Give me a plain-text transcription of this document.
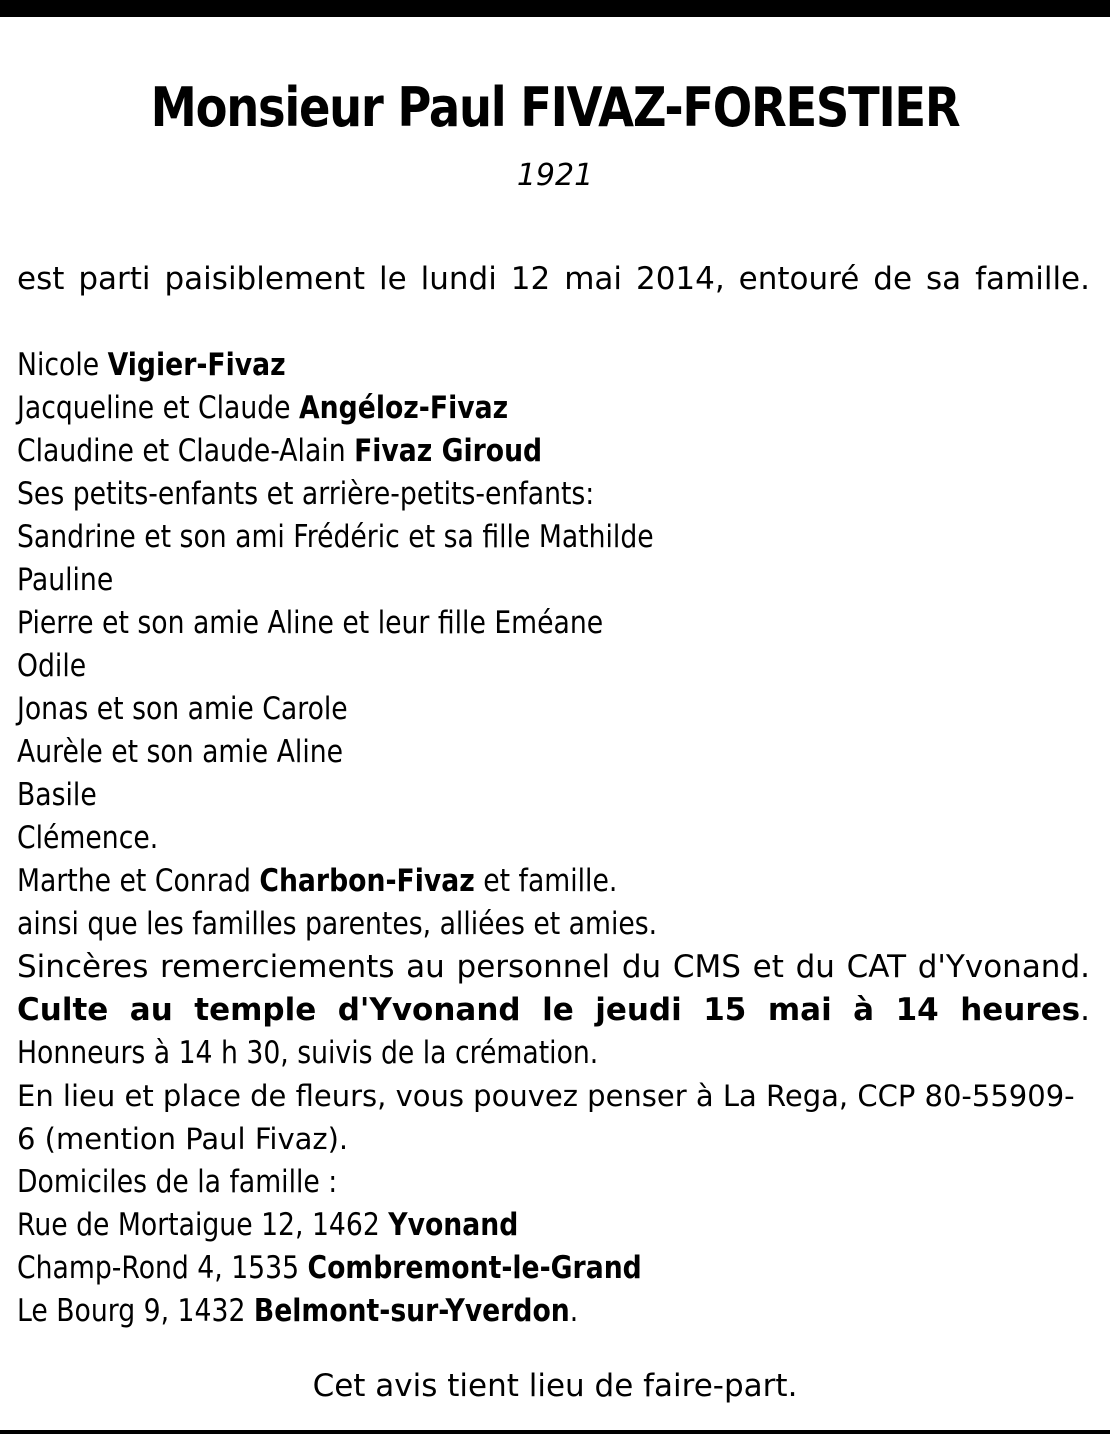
Monsieur Paul FIVAZ-FORESTIER
1921
est parti paisiblement le lundi 12 mai 2014, entouré de sa famille.
Nicole Vigier-Fivaz
Jacqueline et Claude Angéloz-Fivaz
Claudine et Claude-Alain Fivaz Giroud
Ses petits-enfants et arrière-petits-enfants:
Sandrine et son ami Frédéric et sa fille Mathilde
Pauline
Pierre et son amie Aline et leur fille Eméane
Odile
Jonas et son amie Carole
Aurèle et son amie Aline
Basile
Clémence.
Marthe et Conrad Charbon-Fivaz et famille.
ainsi que les familles parentes, alliées et amies.
Sincères remerciements au personnel du CMS et du CAT d'Yvonand.
Culte au temple d'Yvonand le jeudi 15 mai à 14 heures.
Honneurs à 14 h 30, suivis de la crémation.
En lieu et place de fleurs, vous pouvez penser à La Rega, CCP 80-55909-6 (mention Paul Fivaz).
Domiciles de la famille :
Rue de Mortaigue 12, 1462 Yvonand
Champ-Rond 4, 1535 Combremont-le-Grand
Le Bourg 9, 1432 Belmont-sur-Yverdon.
Cet avis tient lieu de faire-part.
